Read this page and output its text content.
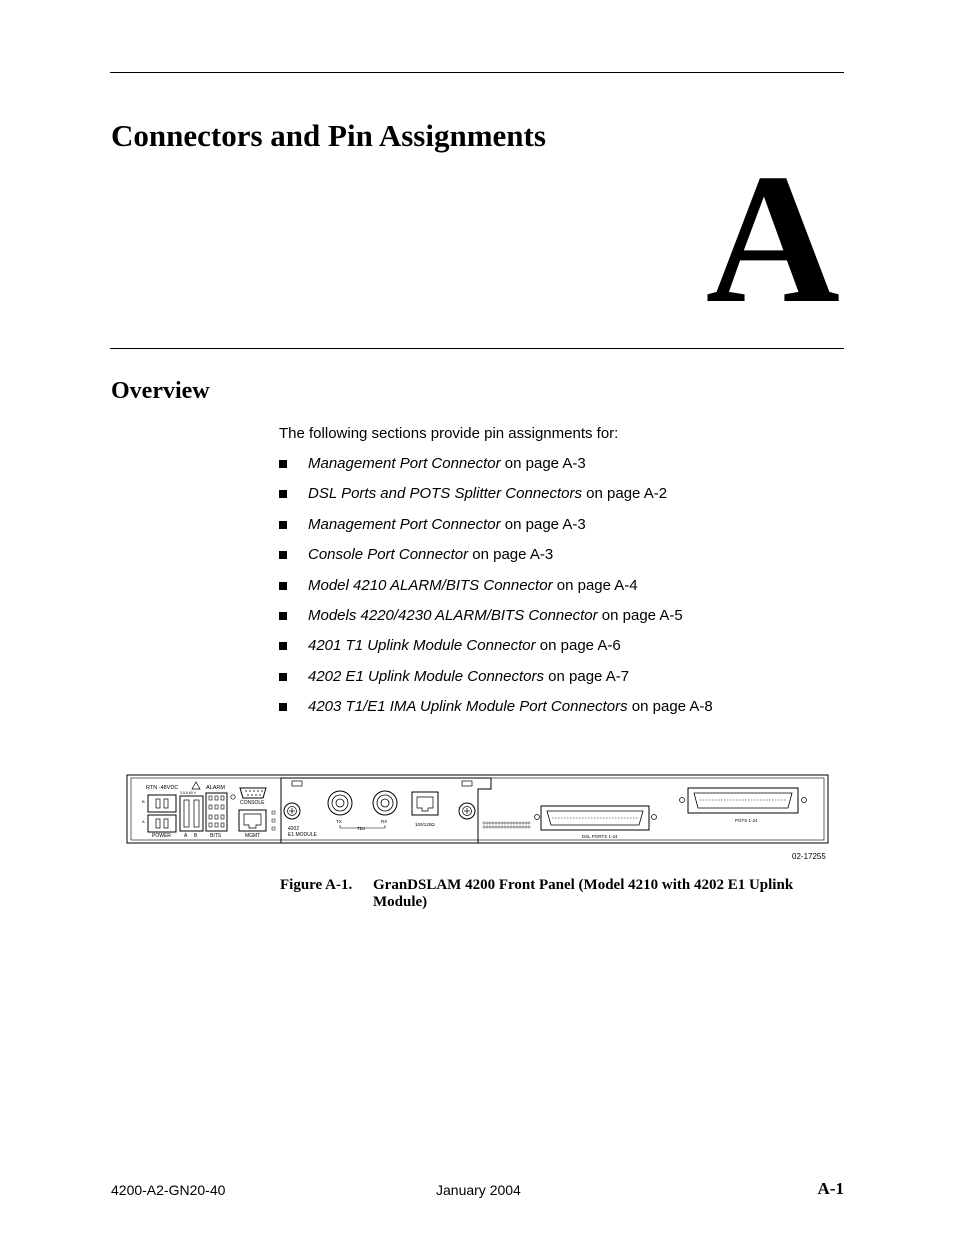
Connectors and Pin Assignments
A
Overview

The following sections provide pin assignments for:

Management Port Connector on page A-3
DSL Ports and POTS Splitter Connectors on page A-2
Management Port Connector on page A-3
Console Port Connector on page A-3
Model 4210 ALARM/BITS Connector on page A-4
Models 4220/4230 ALARM/BITS Connector on page A-5
4201 T1 Uplink Module Connector on page A-6
4202 E1 Uplink Module Connectors on page A-7
4203 T1/E1 IMA Uplink Module Port Connectors on page A-8
RTN -48VDC
B
A
POWER
3.0 A 60 V
A B
ALARM
BITS
CONSOLE
MGMT
4202
E1 MODULE
TX	RX
TBJ
100/120Ω
DSL PORTS 1-24
POTS 1-24
02-17255
Figure A-1. GranDSLAM 4200 Front Panel (Model 4210 with 4202 E1 Uplink Module)
4200-A2-GN20-40	January 2004	A-1
